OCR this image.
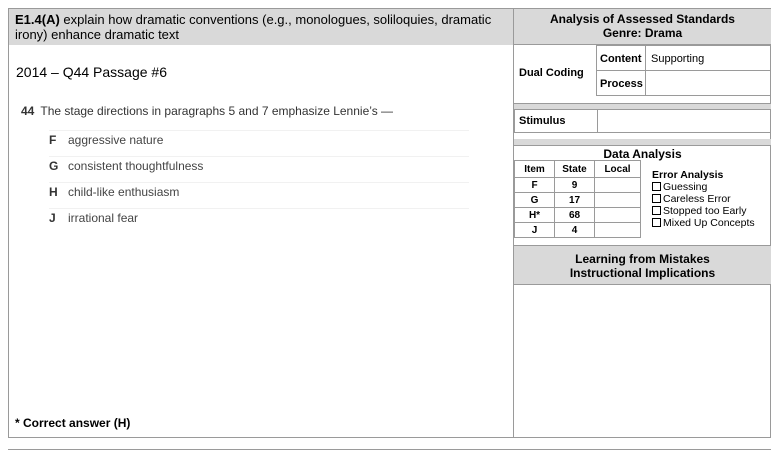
E1.4(A) explain how dramatic conventions (e.g., monologues, soliloquies, dramatic irony) enhance dramatic text
2014 – Q44 Passage #6
44 The stage directions in paragraphs 5 and 7 emphasize Lennie’s —
F aggressive nature
G consistent thoughtfulness
H child-like enthusiasm
J	irrational fear
* Correct answer (H)
Analysis of Assessed Standards
Genre: Drama
Dual Coding
Content Supporting
Process
Stimulus
Data Analysis
Item	State	Local
F	9	
G	17	
H*	68	
J	4	
Error Analysis
Guessing
Careless Error
Stopped too Early
Mixed Up Concepts
Learning from Mistakes
Instructional Implications
